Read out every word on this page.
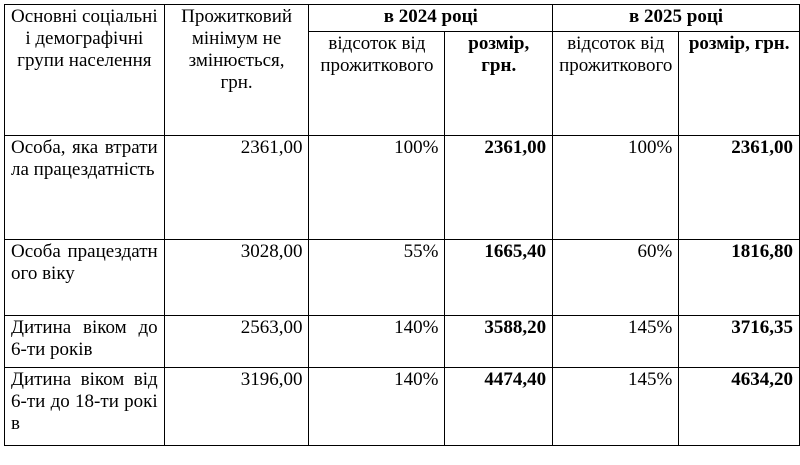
Основні соціальні і демографічні групи населення	Прожитковий мінімум не змінюється, грн.	в 2024 році		в 2025 році	
		відсоток від прожиткового	розмір, грн.	відсоток від прожиткового	розмір, грн.
Особа, яка втратила працездатність	2361,00	100%	2361,00	100%	2361,00
Особа працездатного віку	3028,00	55%	1665,40	60%	1816,80
Дитина віком до 6-ти років	2563,00	140%	3588,20	145%	3716,35
Дитина віком від 6-ти до 18-ти років	3196,00	140%	4474,40	145%	4634,20
